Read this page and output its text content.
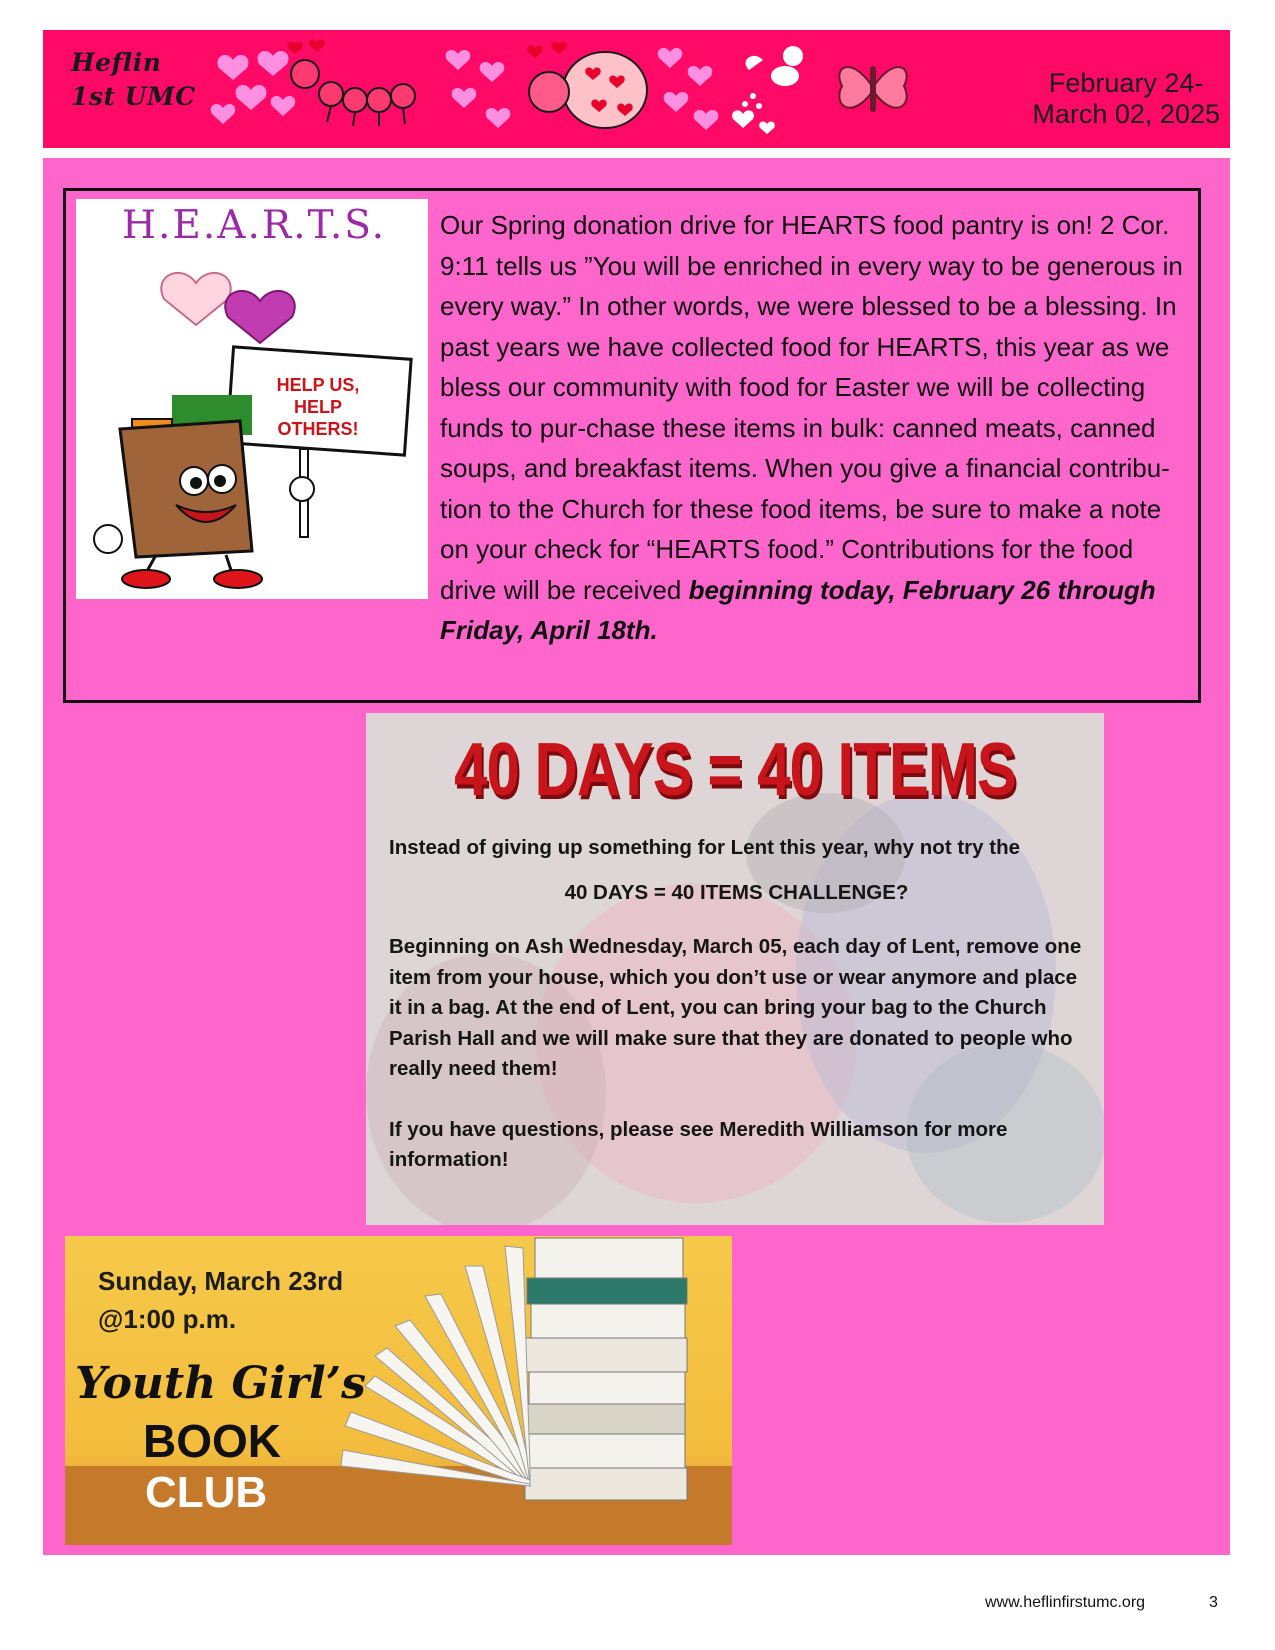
Heflin
1st UMC	February 24-
March 02, 2025
H.E.A.R.T.S.
HELP US,
HELP
OTHERS!
Our Spring donation drive for HEARTS food pantry is on! 2 Cor. 9:11 tells us ”You will be enriched in every way to be generous in every way.” In other words, we were blessed to be a blessing. In past years we have collected food for HEARTS, this year as we bless our community with food for Easter we will be collecting funds to pur-chase these items in bulk: canned meats, canned soups, and breakfast items. When you give a financial contribu-tion to the Church for these food items, be sure to make a note on your check for “HEARTS food.” Contributions for the food drive will be received beginning today, February 26 through Friday, April 18th.
40 DAYS = 40 ITEMS

Instead of giving up something for Lent this year, why not try the

40 DAYS = 40 ITEMS CHALLENGE?

Beginning on Ash Wednesday, March 05, each day of Lent, remove one item from your house, which you don’t use or wear anymore and place it in a bag. At the end of Lent, you can bring your bag to the Church Parish Hall and we will make sure that they are donated to people who really need them!

If you have questions, please see Meredith Williamson for more information!

Sunday, March 23rd
@1:00 p.m.
Youth Girl’s
BOOK
CLUB
www.heflinfirstumc.org	3
